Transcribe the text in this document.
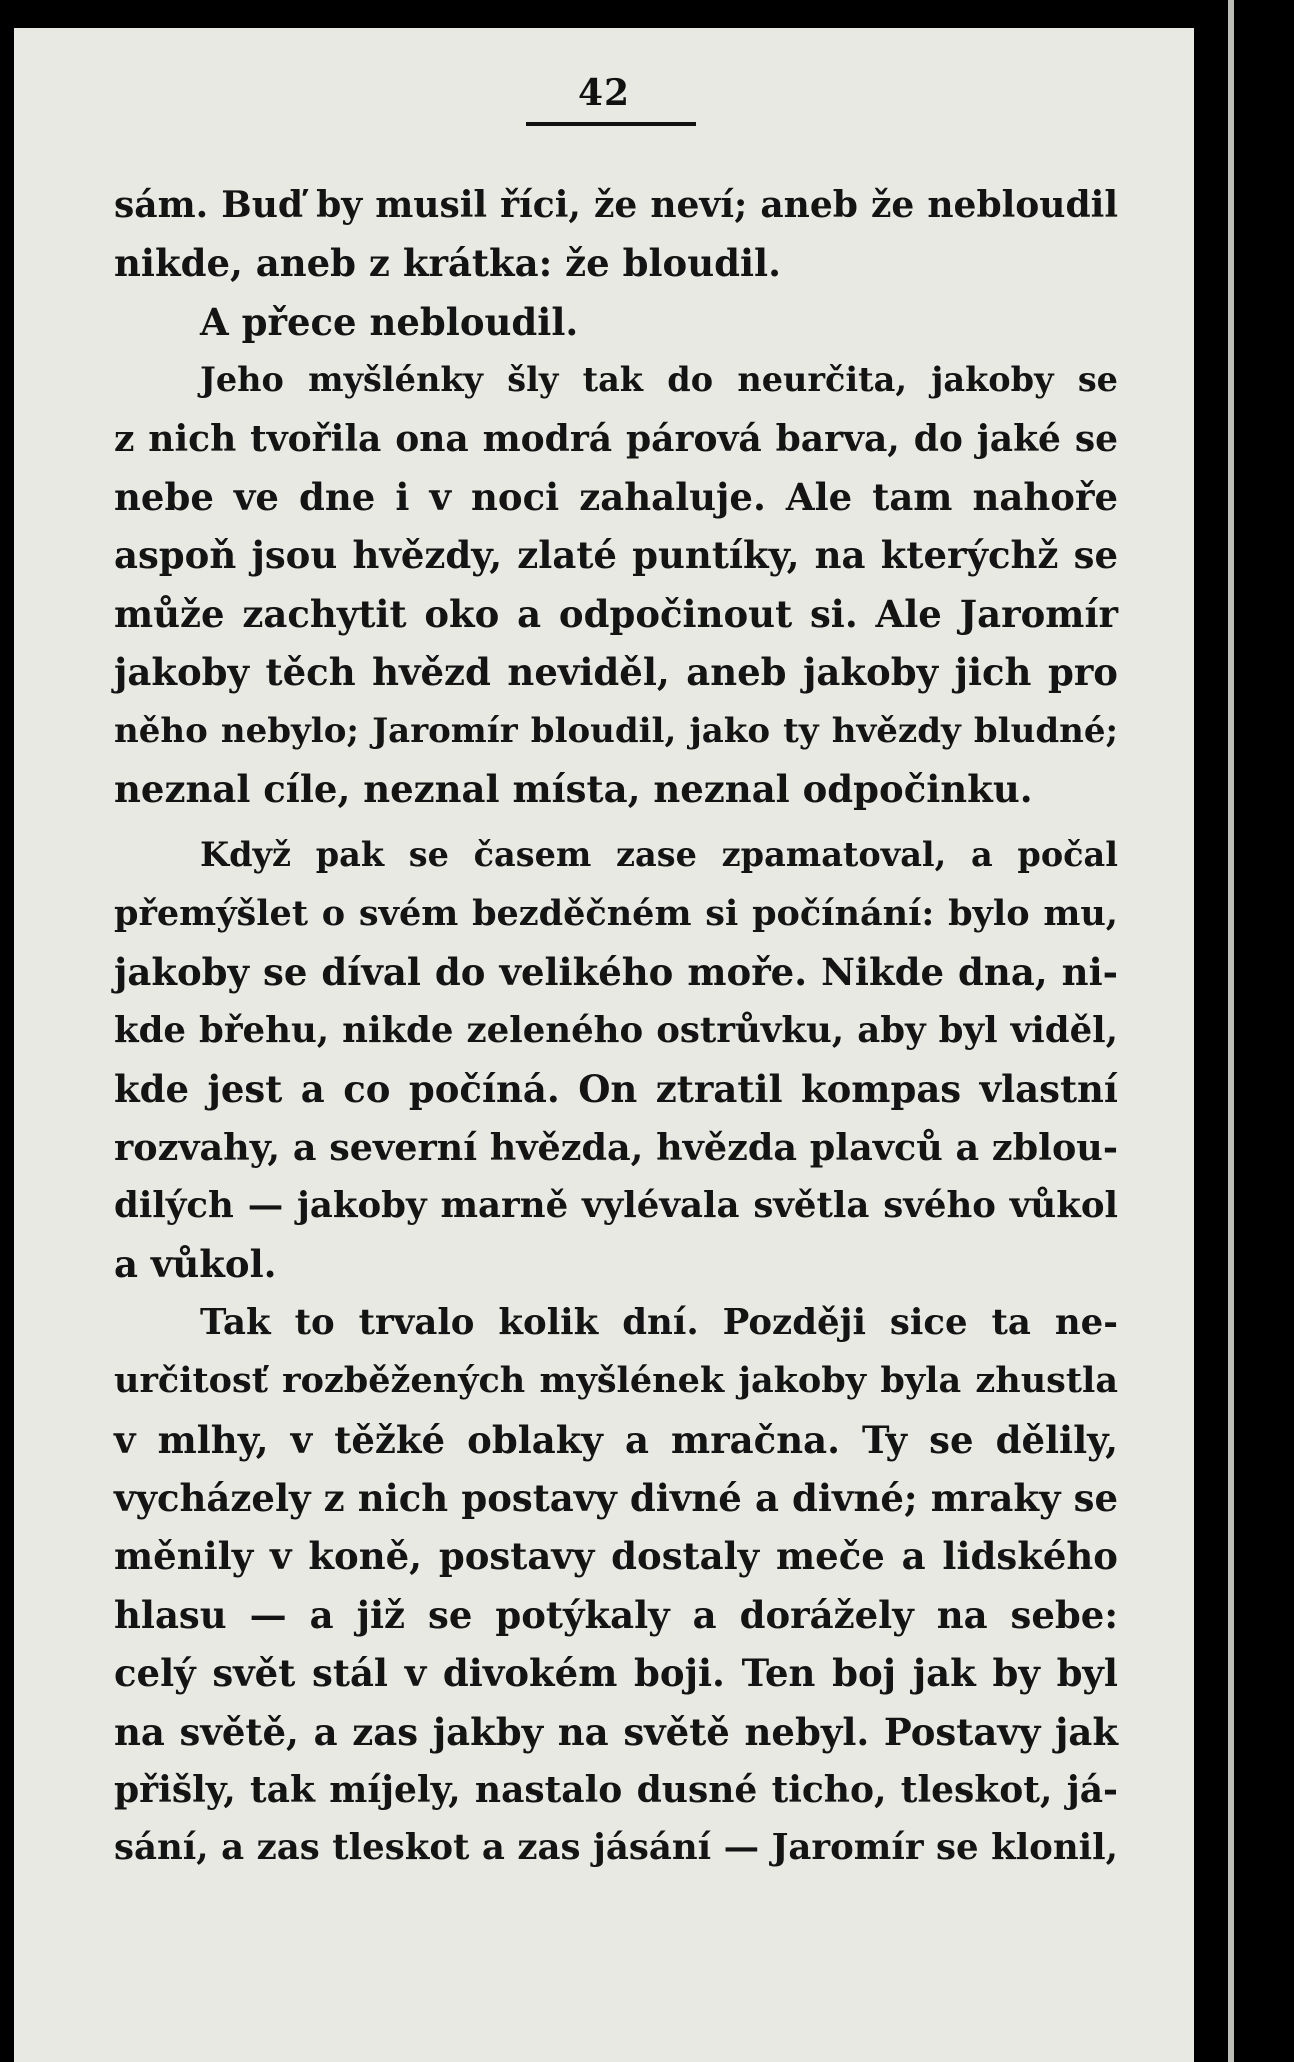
42
sám. Buď by musil říci, že neví; aneb že nebloudil
nikde, aneb z krátka: že bloudil.
A přece nebloudil.
Jeho myšlénky šly tak do neurčita, jakoby se
z nich tvořila ona modrá párová barva, do jaké se
nebe ve dne i v noci zahaluje. Ale tam nahoře
aspoň jsou hvězdy, zlaté puntíky, na kterýchž se
může zachytit oko a odpočinout si. Ale Jaromír
jakoby těch hvězd neviděl, aneb jakoby jich pro
něho nebylo; Jaromír bloudil, jako ty hvězdy bludné;
neznal cíle, neznal místa, neznal odpočinku.
Když pak se časem zase zpamatoval, a počal
přemýšlet o svém bezděčném si počínání: bylo mu,
jakoby se díval do velikého moře. Nikde dna, ni-
kde břehu, nikde zeleného ostrůvku, aby byl viděl,
kde jest a co počíná. On ztratil kompas vlastní
rozvahy, a severní hvězda, hvězda plavců a zblou-
dilých — jakoby marně vylévala světla svého vůkol
a vůkol.
Tak to trvalo kolik dní. Později sice ta ne-
určitosť rozběžených myšlének jakoby byla zhustla
v mlhy, v těžké oblaky a mračna. Ty se dělily,
vycházely z nich postavy divné a divné; mraky se
měnily v koně, postavy dostaly meče a lidského
hlasu — a již se potýkaly a dorážely na sebe:
celý svět stál v divokém boji. Ten boj jak by byl
na světě, a zas jakby na světě nebyl. Postavy jak
přišly, tak míjely, nastalo dusné ticho, tleskot, já-
sání, a zas tleskot a zas jásání — Jaromír se klonil,
